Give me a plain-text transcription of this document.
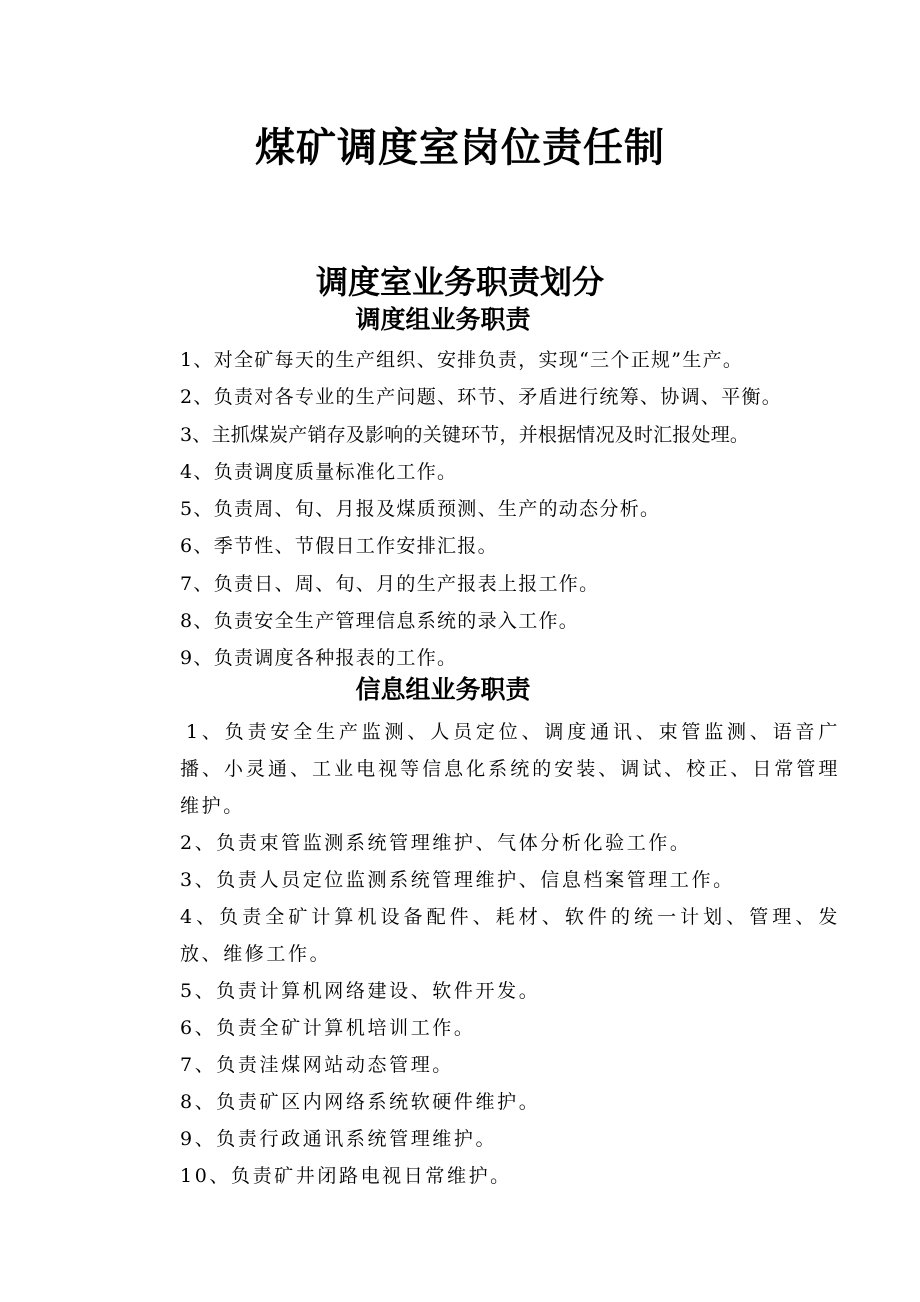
煤矿调度室岗位责任制
调度室业务职责划分
调度组业务职责
1、对全矿每天的生产组织、安排负责，实现“三个正规”生产。
2、负责对各专业的生产问题、环节、矛盾进行统筹、协调、平衡。
3、主抓煤炭产销存及影响的关键环节，并根据情况及时汇报处理。
4、负责调度质量标准化工作。
5、负责周、旬、月报及煤质预测、生产的动态分析。
6、季节性、节假日工作安排汇报。
7、负责日、周、旬、月的生产报表上报工作。
8、负责安全生产管理信息系统的录入工作。
9、负责调度各种报表的工作。
信息组业务职责
1、负责安全生产监测、人员定位、调度通讯、束管监测、语音广播、小灵通、工业电视等信息化系统的安装、调试、校正、日常管理维护。
2、负责束管监测系统管理维护、气体分析化验工作。
3、负责人员定位监测系统管理维护、信息档案管理工作。
4、负责全矿计算机设备配件、耗材、软件的统一计划、管理、发放、维修工作。
5、负责计算机网络建设、软件开发。
6、负责全矿计算机培训工作。
7、负责洼煤网站动态管理。
8、负责矿区内网络系统软硬件维护。
9、负责行政通讯系统管理维护。
10、负责矿井闭路电视日常维护。
